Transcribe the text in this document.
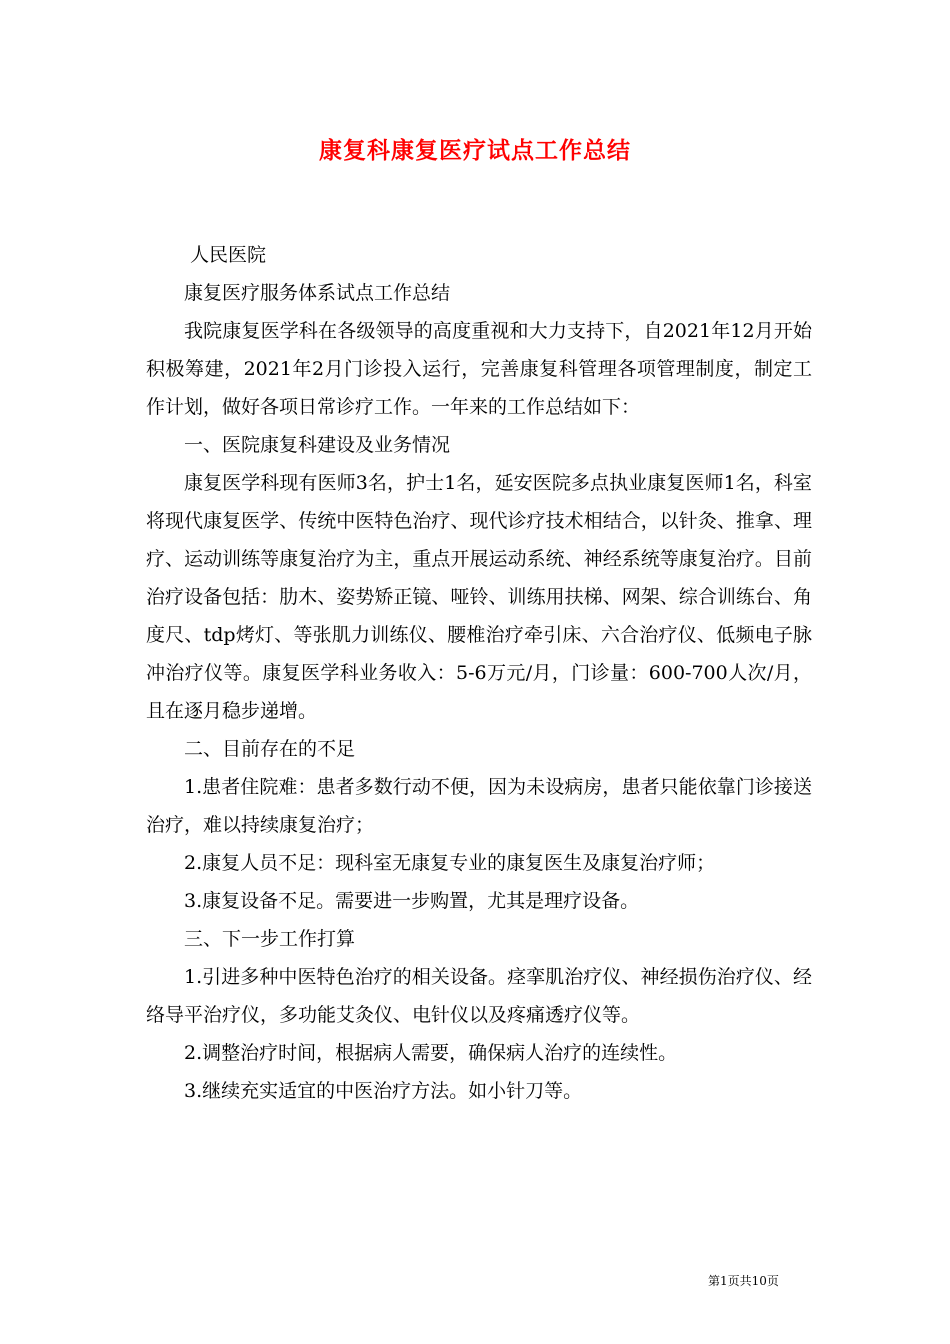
康复科康复医疗试点工作总结

人民医院

康复医疗服务体系试点工作总结

我院康复医学科在各级领导的高度重视和大力支持下，自2021年12月开始积极筹建，2021年2月门诊投入运行，完善康复科管理各项管理制度，制定工作计划，做好各项日常诊疗工作。一年来的工作总结如下：

一、医院康复科建设及业务情况

康复医学科现有医师3名，护士1名，延安医院多点执业康复医师1名，科室将现代康复医学、传统中医特色治疗、现代诊疗技术相结合，以针灸、推拿、理疗、运动训练等康复治疗为主，重点开展运动系统、神经系统等康复治疗。目前治疗设备包括：肋木、姿势矫正镜、哑铃、训练用扶梯、网架、综合训练台、角度尺、tdp烤灯、等张肌力训练仪、腰椎治疗牵引床、六合治疗仪、低频电子脉冲治疗仪等。康复医学科业务收入：5-6万元/月，门诊量：600-700人次/月，且在逐月稳步递增。

二、目前存在的不足

1.患者住院难：患者多数行动不便，因为未设病房，患者只能依靠门诊接送治疗，难以持续康复治疗；

2.康复人员不足：现科室无康复专业的康复医生及康复治疗师；

3.康复设备不足。需要进一步购置，尤其是理疗设备。

三、下一步工作打算

1.引进多种中医特色治疗的相关设备。痉挛肌治疗仪、神经损伤治疗仪、经络导平治疗仪，多功能艾灸仪、电针仪以及疼痛透疗仪等。

2.调整治疗时间，根据病人需要，确保病人治疗的连续性。

3.继续充实适宜的中医治疗方法。如小针刀等。

第1页共10页
